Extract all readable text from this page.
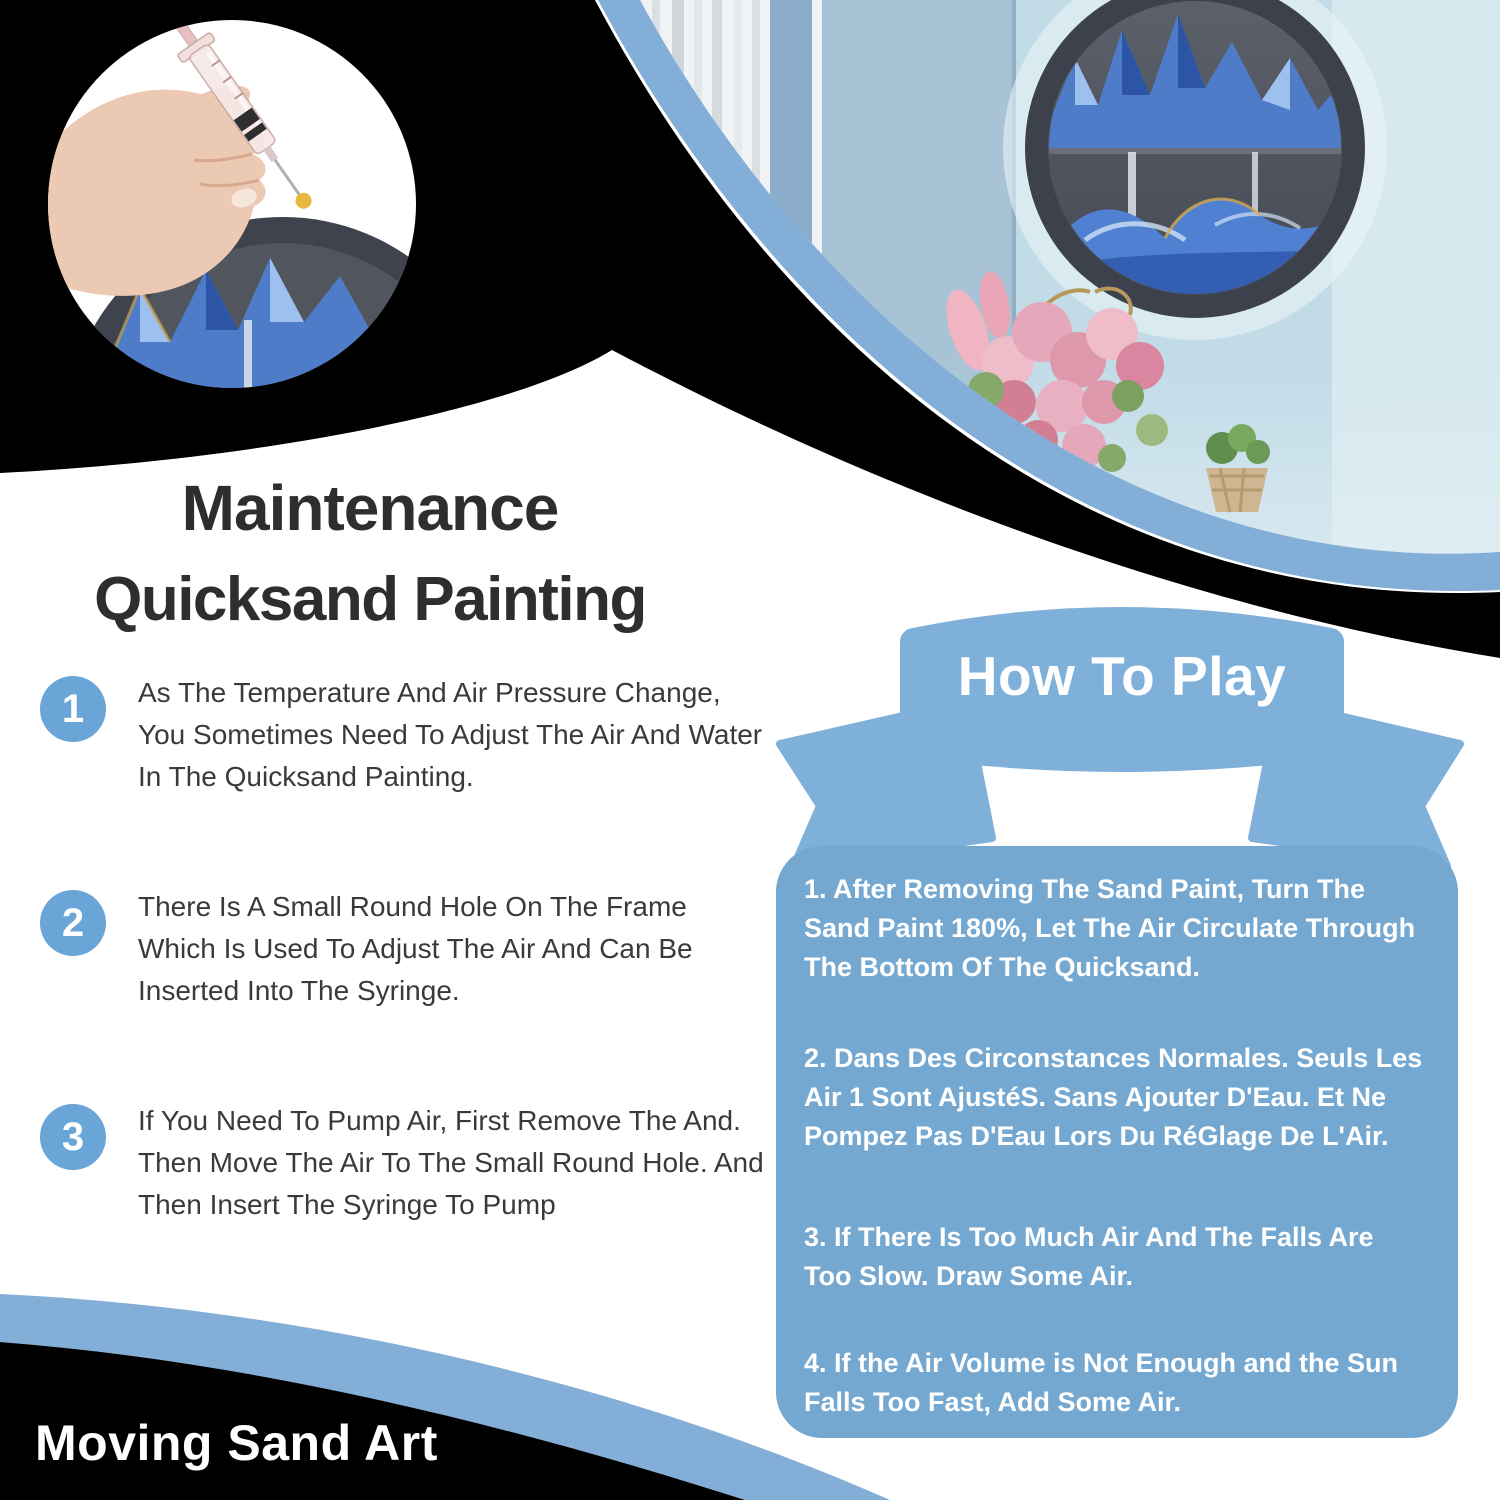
Maintenance
Quicksand Painting
1	As The Temperature And Air Pressure Change, You Sometimes Need To Adjust The Air And Water In The Quicksand Painting.
2	There Is A Small Round Hole On The Frame Which Is Used To Adjust The Air And Can Be Inserted Into The Syringe.
3	If You Need To Pump Air, First Remove The And. Then Move The Air To The Small Round Hole. And Then Insert The Syringe To Pump
How To Play

1. After Removing The Sand Paint, Turn The Sand Paint 180%, Let The Air Circulate Through The Bottom Of The Quicksand.

2. Dans Des Circonstances Normales. Seuls Les Air 1 Sont AjustéS. Sans Ajouter D'Eau. Et Ne Pompez Pas D'Eau Lors Du RéGlage De L'Air.

3. If There Is Too Much Air And The Falls Are Too Slow. Draw Some Air.

4. If the Air Volume is Not Enough and the Sun Falls Too Fast, Add Some Air.

Moving Sand Art
